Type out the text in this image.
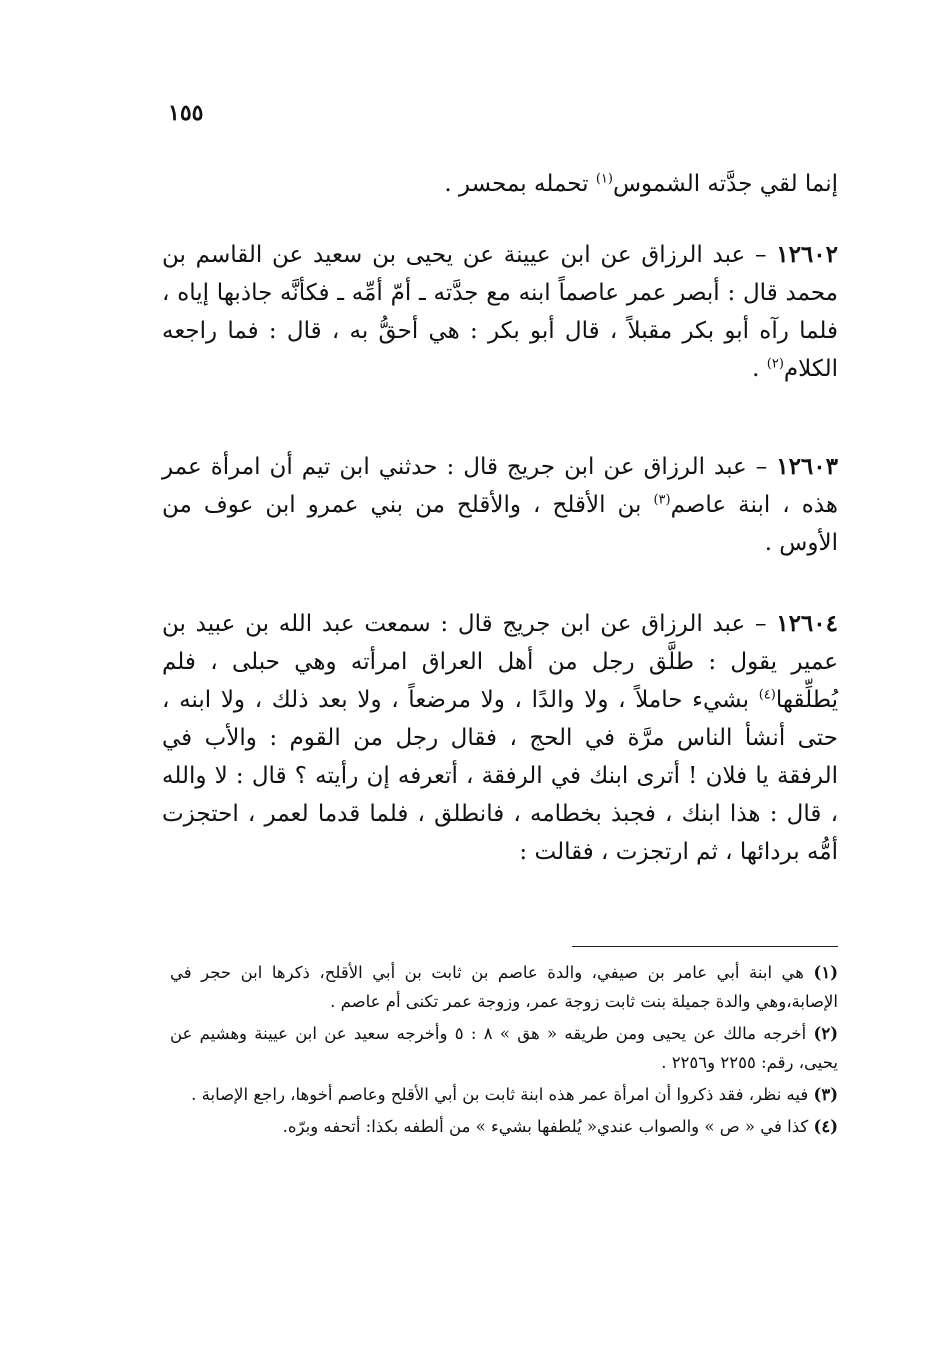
١٥٥

إنما لقي جدَّته الشموس$^{(١)}$ تحمله بمحسر .

١٢٦٠٢ – عبد الرزاق عن ابن عيينة عن يحيى بن سعيد عن القاسم بن محمد قال : أبصر عمر عاصماً ابنه مع جدَّته ـ أمّ أمِّه ـ فكأنَّه جاذبها إياه ، فلما رآه أبو بكر مقبلاً ، قال أبو بكر : هي أحقُّ به ، قال : فما راجعه الكلام$^{(٢)}$ .

١٢٦٠٣ – عبد الرزاق عن ابن جريج قال : حدثني ابن تيم أن امرأة عمر هذه ، ابنة عاصم$^{(٣)}$ بن الأقلح ، والأقلح من بني عمرو ابن عوف من الأوس .

١٢٦٠٤ – عبد الرزاق عن ابن جريج قال : سمعت عبد الله بن عبيد بن عمير يقول : طلَّق رجل من أهل العراق امرأته وهي حبلى ، فلم يُطلِّقها$^{(٤)}$ بشيء حاملاً ، ولا والدًا ، ولا مرضعاً ، ولا بعد ذلك ، ولا ابنه ، حتى أنشأ الناس مرَّة في الحج ، فقال رجل من القوم : والأب في الرفقة يا فلان ! أترى ابنك في الرفقة ، أتعرفه إن رأيته ؟ قال : لا والله ، قال : هذا ابنك ، فجبذ بخطامه ، فانطلق ، فلما قدما لعمر ، احتجزت أمُّه بردائها ، ثم ارتجزت ، فقالت :

(١) هي ابنة أبي عامر بن صيفي، والدة عاصم بن ثابت بن أبي الأقلح، ذكرها ابن حجر في الإصابة،وهي والدة جميلة بنت ثابت زوجة عمر، وزوجة عمر تكنى أم عاصم .

(٢) أخرجه مالك عن يحيى ومن طريقه « هق » ٨ : ٥ وأخرجه سعيد عن ابن عيينة وهشيم عن يحيى، رقم: ٢٢٥٥ و٢٢٥٦ .

(٣) فيه نظر، فقد ذكروا أن امرأة عمر هذه ابنة ثابت بن أبي الأقلح وعاصم أخوها، راجع الإصابة .

(٤) كذا في « ص » والصواب عندي« يُلطفها بشيء » من ألطفه بكذا: أتحفه وبرّه.
